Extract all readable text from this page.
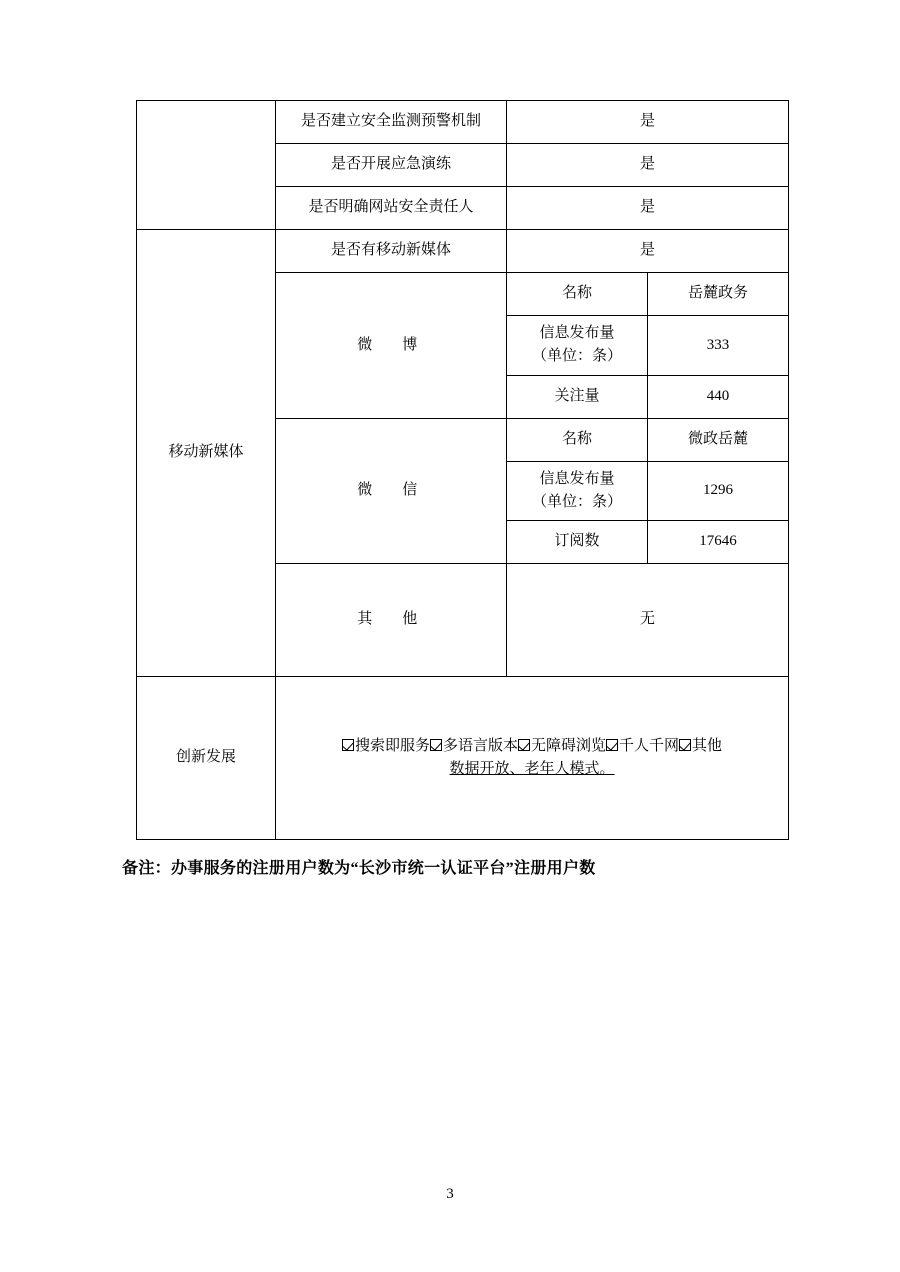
	是否建立安全监测预警机制	是	
	是否开展应急演练	是	
	是否明确网站安全责任人	是	
移动新媒体	是否有移动新媒体	是	
	微　博	名称	岳麓政务

		信息发布量
（单位：条）	333
		关注量	440
	微　信	名称	微政岳麓

		信息发布量
（单位：条）	1296
		订阅数	17646
	其　他	无	
创新发展	搜索即服务 多语言版本 无障碍浏览 千人千网 其他
数据开放、老年人模式。		
备注：办事服务的注册用户数为“长沙市统一认证平台”注册用户数
3
